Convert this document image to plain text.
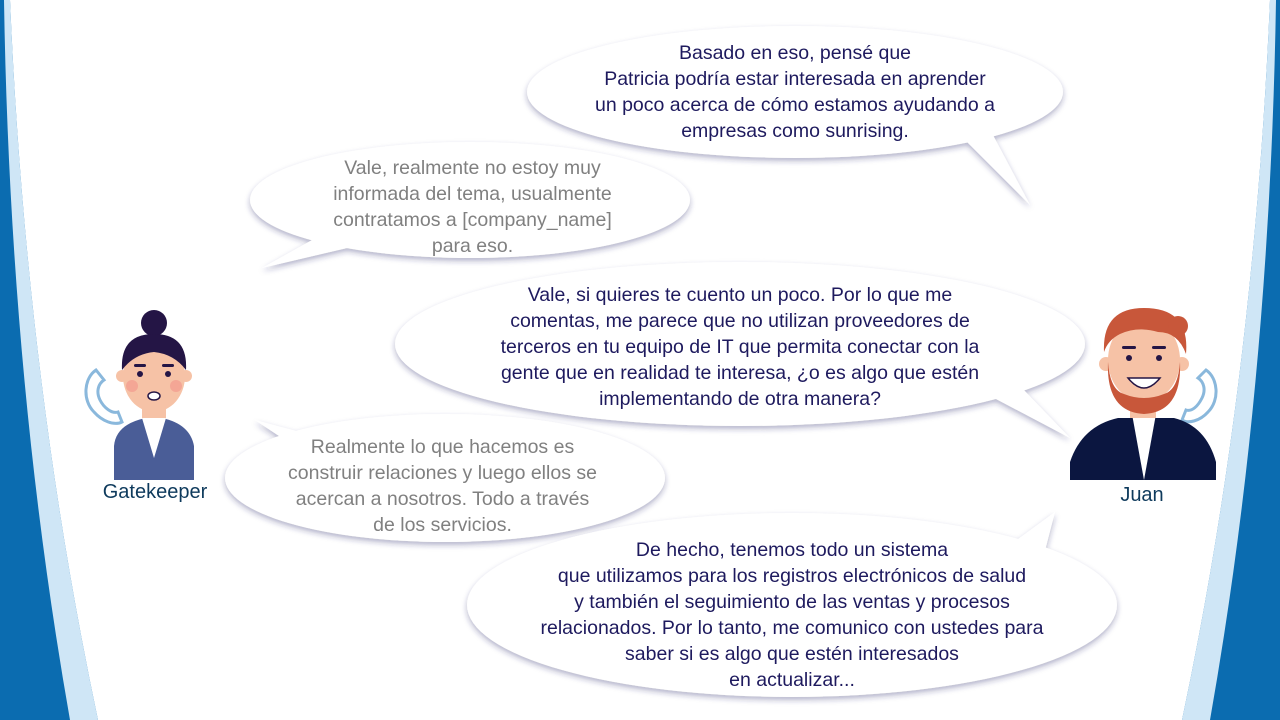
Basado en eso, pensé que
Patricia podría estar interesada en aprender
un poco acerca de cómo estamos ayudando a
empresas como sunrising.
Vale, realmente no estoy muy
informada del tema, usualmente
contratamos a [company_name]
para eso.
Vale, si quieres te cuento un poco. Por lo que me
comentas, me parece que no utilizan proveedores de
terceros en tu equipo de IT que permita conectar con la
gente que en realidad te interesa, ¿o es algo que estén
implementando de otra manera?
Realmente lo que hacemos es
construir relaciones y luego ellos se
acercan a nosotros. Todo a través
de los servicios.
De hecho, tenemos todo un sistema
que utilizamos para los registros electrónicos de salud
y también el seguimiento de las ventas y procesos
relacionados. Por lo tanto, me comunico con ustedes para
saber si es algo que estén interesados
en actualizar...
Gatekeeper	Juan
